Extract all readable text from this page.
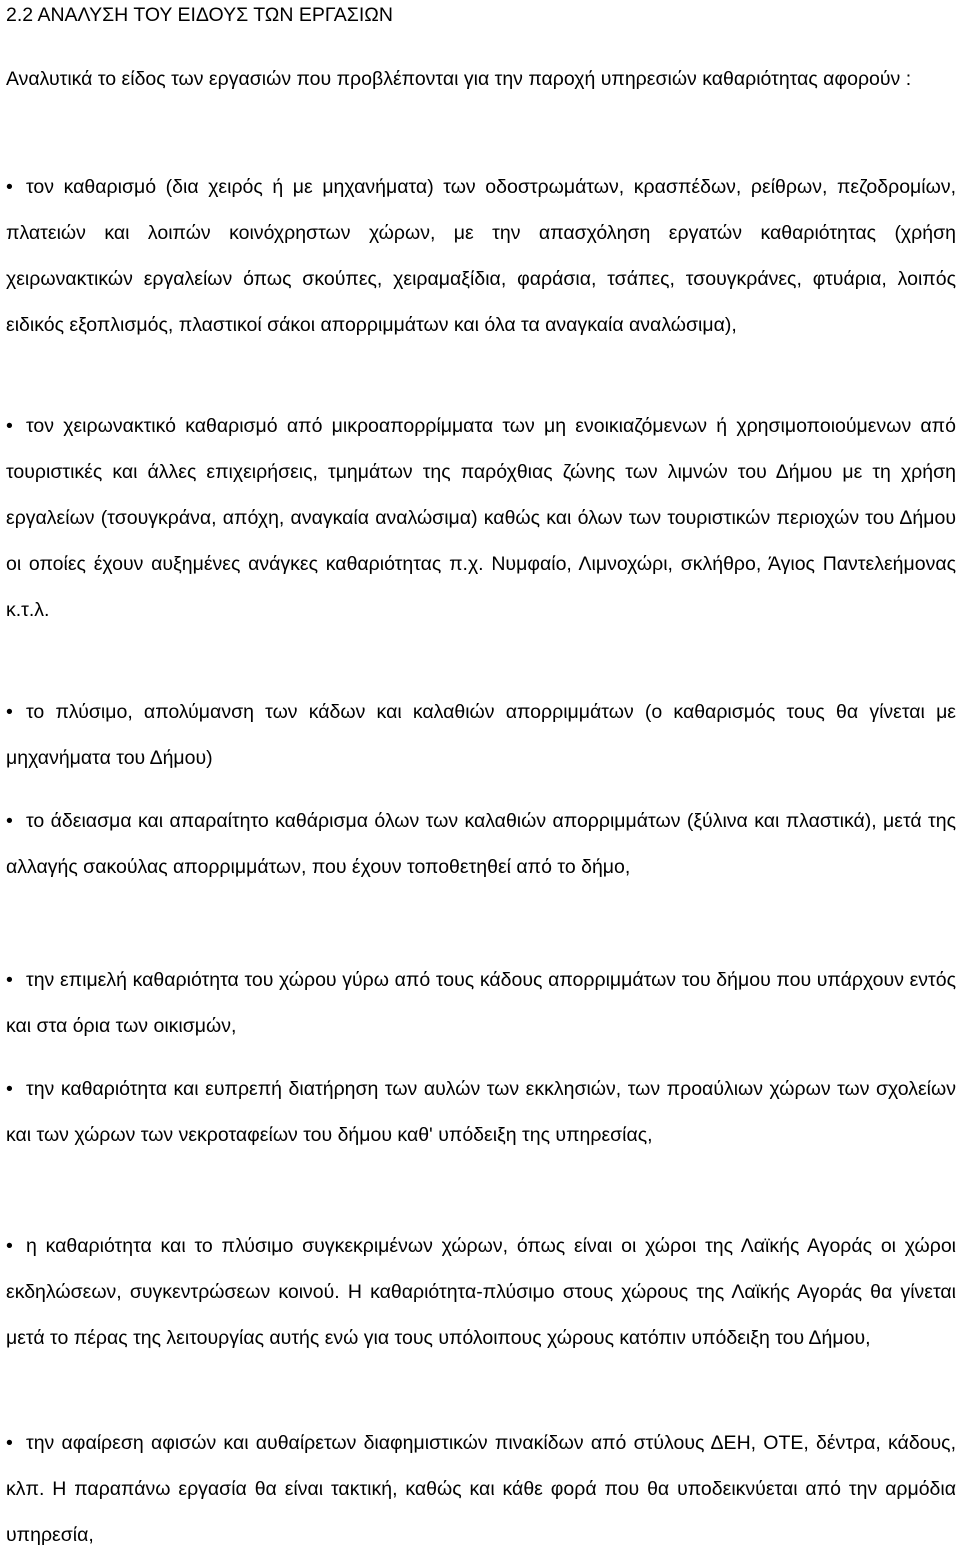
2.2 ΑΝΑΛΥΣΗ ΤΟΥ ΕΙΔΟΥΣ ΤΩΝ ΕΡΓΑΣΙΩΝ
Αναλυτικά το είδος των εργασιών που προβλέπονται για την παροχή υπηρεσιών καθαριότητας αφορούν :
• τον καθαρισμό (δια χειρός ή με μηχανήματα) των οδοστρωμάτων, κρασπέδων, ρείθρων, πεζοδρομίων, πλατειών και λοιπών κοινόχρηστων χώρων, με την απασχόληση εργατών καθαριότητας (χρήση χειρωνακτικών εργαλείων όπως σκούπες, χειραμαξίδια, φαράσια, τσάπες, τσουγκράνες, φτυάρια, λοιπός ειδικός εξοπλισμός, πλαστικοί σάκοι απορριμμάτων και όλα τα αναγκαία αναλώσιμα),
• τον χειρωνακτικό καθαρισμό από μικροαπορρίμματα των μη ενοικιαζόμενων ή χρησιμοποιούμενων από τουριστικές και άλλες επιχειρήσεις, τμημάτων της παρόχθιας ζώνης των λιμνών του Δήμου με τη χρήση εργαλείων (τσουγκράνα, απόχη, αναγκαία αναλώσιμα) καθώς και όλων των τουριστικών περιοχών του Δήμου οι οποίες έχουν αυξημένες ανάγκες καθαριότητας π.χ. Νυμφαίο, Λιμνοχώρι, σκλήθρο, Άγιος Παντελεήμονας κ.τ.λ.
• το πλύσιμο, απολύμανση των κάδων και καλαθιών απορριμμάτων (ο καθαρισμός τους θα γίνεται με μηχανήματα του Δήμου)
• το άδειασμα και απαραίτητο καθάρισμα όλων των καλαθιών απορριμμάτων (ξύλινα και πλαστικά), μετά της αλλαγής σακούλας απορριμμάτων, που έχουν τοποθετηθεί από το δήμο,
• την επιμελή καθαριότητα του χώρου γύρω από τους κάδους απορριμμάτων του δήμου που υπάρχουν εντός και στα όρια των οικισμών,
• την καθαριότητα και ευπρεπή διατήρηση των αυλών των εκκλησιών, των προαύλιων χώρων των σχολείων και των χώρων των νεκροταφείων του δήμου καθ' υπόδειξη της υπηρεσίας,
• η καθαριότητα και το πλύσιμο συγκεκριμένων χώρων, όπως είναι οι χώροι της Λαϊκής Αγοράς οι χώροι εκδηλώσεων, συγκεντρώσεων κοινού. Η καθαριότητα-πλύσιμο στους χώρους της Λαϊκής Αγοράς θα γίνεται μετά το πέρας της λειτουργίας αυτής ενώ για τους υπόλοιπους χώρους κατόπιν υπόδειξη του Δήμου,
• την αφαίρεση αφισών και αυθαίρετων διαφημιστικών πινακίδων από στύλους ΔΕΗ, ΟΤΕ, δέντρα, κάδους, κλπ. Η παραπάνω εργασία θα είναι τακτική, καθώς και κάθε φορά που θα υποδεικνύεται από την αρμόδια υπηρεσία,
